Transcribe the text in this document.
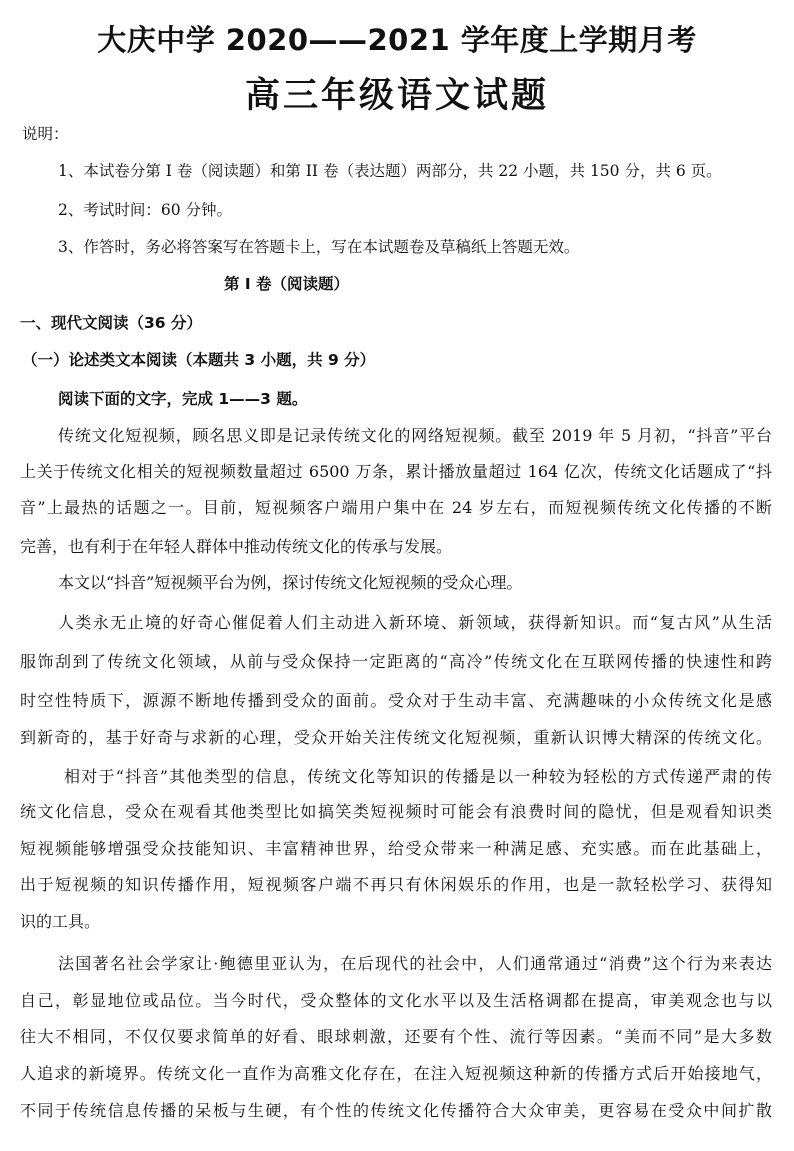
大庆中学 2020——2021 学年度上学期月考
高三年级语文试题
说明：
1、本试卷分第 I 卷（阅读题）和第 II 卷（表达题）两部分，共 22 小题，共 150 分，共 6 页。
2、考试时间：60 分钟。
3、作答时，务必将答案写在答题卡上，写在本试题卷及草稿纸上答题无效。
第 I 卷（阅读题）
一、现代文阅读（36 分）
（一）论述类文本阅读（本题共 3 小题，共 9 分）
阅读下面的文字，完成 1——3 题。
传统文化短视频，顾名思义即是记录传统文化的网络短视频。截至 2019 年 5 月初，“抖音”平台
上关于传统文化相关的短视频数量超过 6500 万条，累计播放量超过 164 亿次，传统文化话题成了“抖
音”上最热的话题之一。目前，短视频客户端用户集中在 24 岁左右，而短视频传统文化传播的不断
完善，也有利于在年轻人群体中推动传统文化的传承与发展。
本文以“抖音”短视频平台为例，探讨传统文化短视频的受众心理。
人类永无止境的好奇心催促着人们主动进入新环境、新领域，获得新知识。而“复古风”从生活
服饰刮到了传统文化领域，从前与受众保持一定距离的“高冷”传统文化在互联网传播的快速性和跨
时空性特质下，源源不断地传播到受众的面前。受众对于生动丰富、充满趣味的小众传统文化是感
到新奇的，基于好奇与求新的心理，受众开始关注传统文化短视频，重新认识博大精深的传统文化。
相对于“抖音”其他类型的信息，传统文化等知识的传播是以一种较为轻松的方式传递严肃的传
统文化信息，受众在观看其他类型比如搞笑类短视频时可能会有浪费时间的隐忧，但是观看知识类
短视频能够增强受众技能知识、丰富精神世界，给受众带来一种满足感、充实感。而在此基础上，
出于短视频的知识传播作用，短视频客户端不再只有休闲娱乐的作用，也是一款轻松学习、获得知
识的工具。
法国著名社会学家让·鲍德里亚认为，在后现代的社会中，人们通常通过“消费”这个行为来表达
自己，彰显地位或品位。当今时代，受众整体的文化水平以及生活格调都在提高，审美观念也与以
往大不相同，不仅仅要求简单的好看、眼球刺激，还要有个性、流行等因素。“美而不同”是大多数
人追求的新境界。传统文化一直作为高雅文化存在，在注入短视频这种新的传播方式后开始接地气，
不同于传统信息传播的呆板与生硬，有个性的传统文化传播符合大众审美，更容易在受众中间扩散
